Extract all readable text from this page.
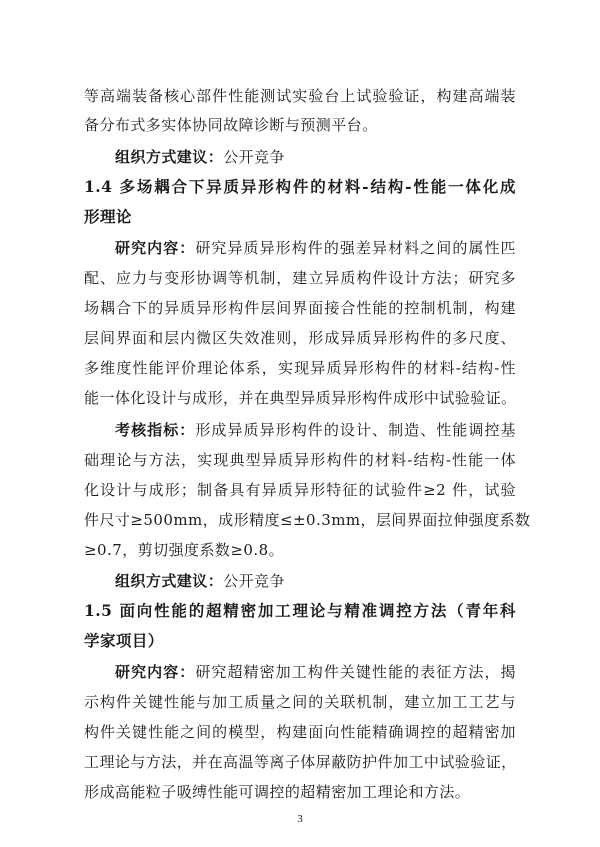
等高端装备核心部件性能测试实验台上试验验证，构建高端装
备分布式多实体协同故障诊断与预测平台。
组织方式建议：公开竞争
1.4 多场耦合下异质异形构件的材料-结构-性能一体化成
形理论
研究内容：研究异质异形构件的强差异材料之间的属性匹
配、应力与变形协调等机制，建立异质构件设计方法；研究多
场耦合下的异质异形构件层间界面接合性能的控制机制，构建
层间界面和层内微区失效准则，形成异质异形构件的多尺度、
多维度性能评价理论体系，实现异质异形构件的材料-结构-性
能一体化设计与成形，并在典型异质异形构件成形中试验验证。
考核指标：形成异质异形构件的设计、制造、性能调控基
础理论与方法，实现典型异质异形构件的材料-结构-性能一体
化设计与成形；制备具有异质异形特征的试验件≥2 件，试验
件尺寸≥500mm，成形精度≤±0.3mm，层间界面拉伸强度系数
≥0.7，剪切强度系数≥0.8。
组织方式建议：公开竞争
1.5 面向性能的超精密加工理论与精准调控方法（青年科
学家项目）
研究内容：研究超精密加工构件关键性能的表征方法，揭
示构件关键性能与加工质量之间的关联机制，建立加工工艺与
构件关键性能之间的模型，构建面向性能精确调控的超精密加
工理论与方法，并在高温等离子体屏蔽防护件加工中试验验证，
形成高能粒子吸缚性能可调控的超精密加工理论和方法。
3
